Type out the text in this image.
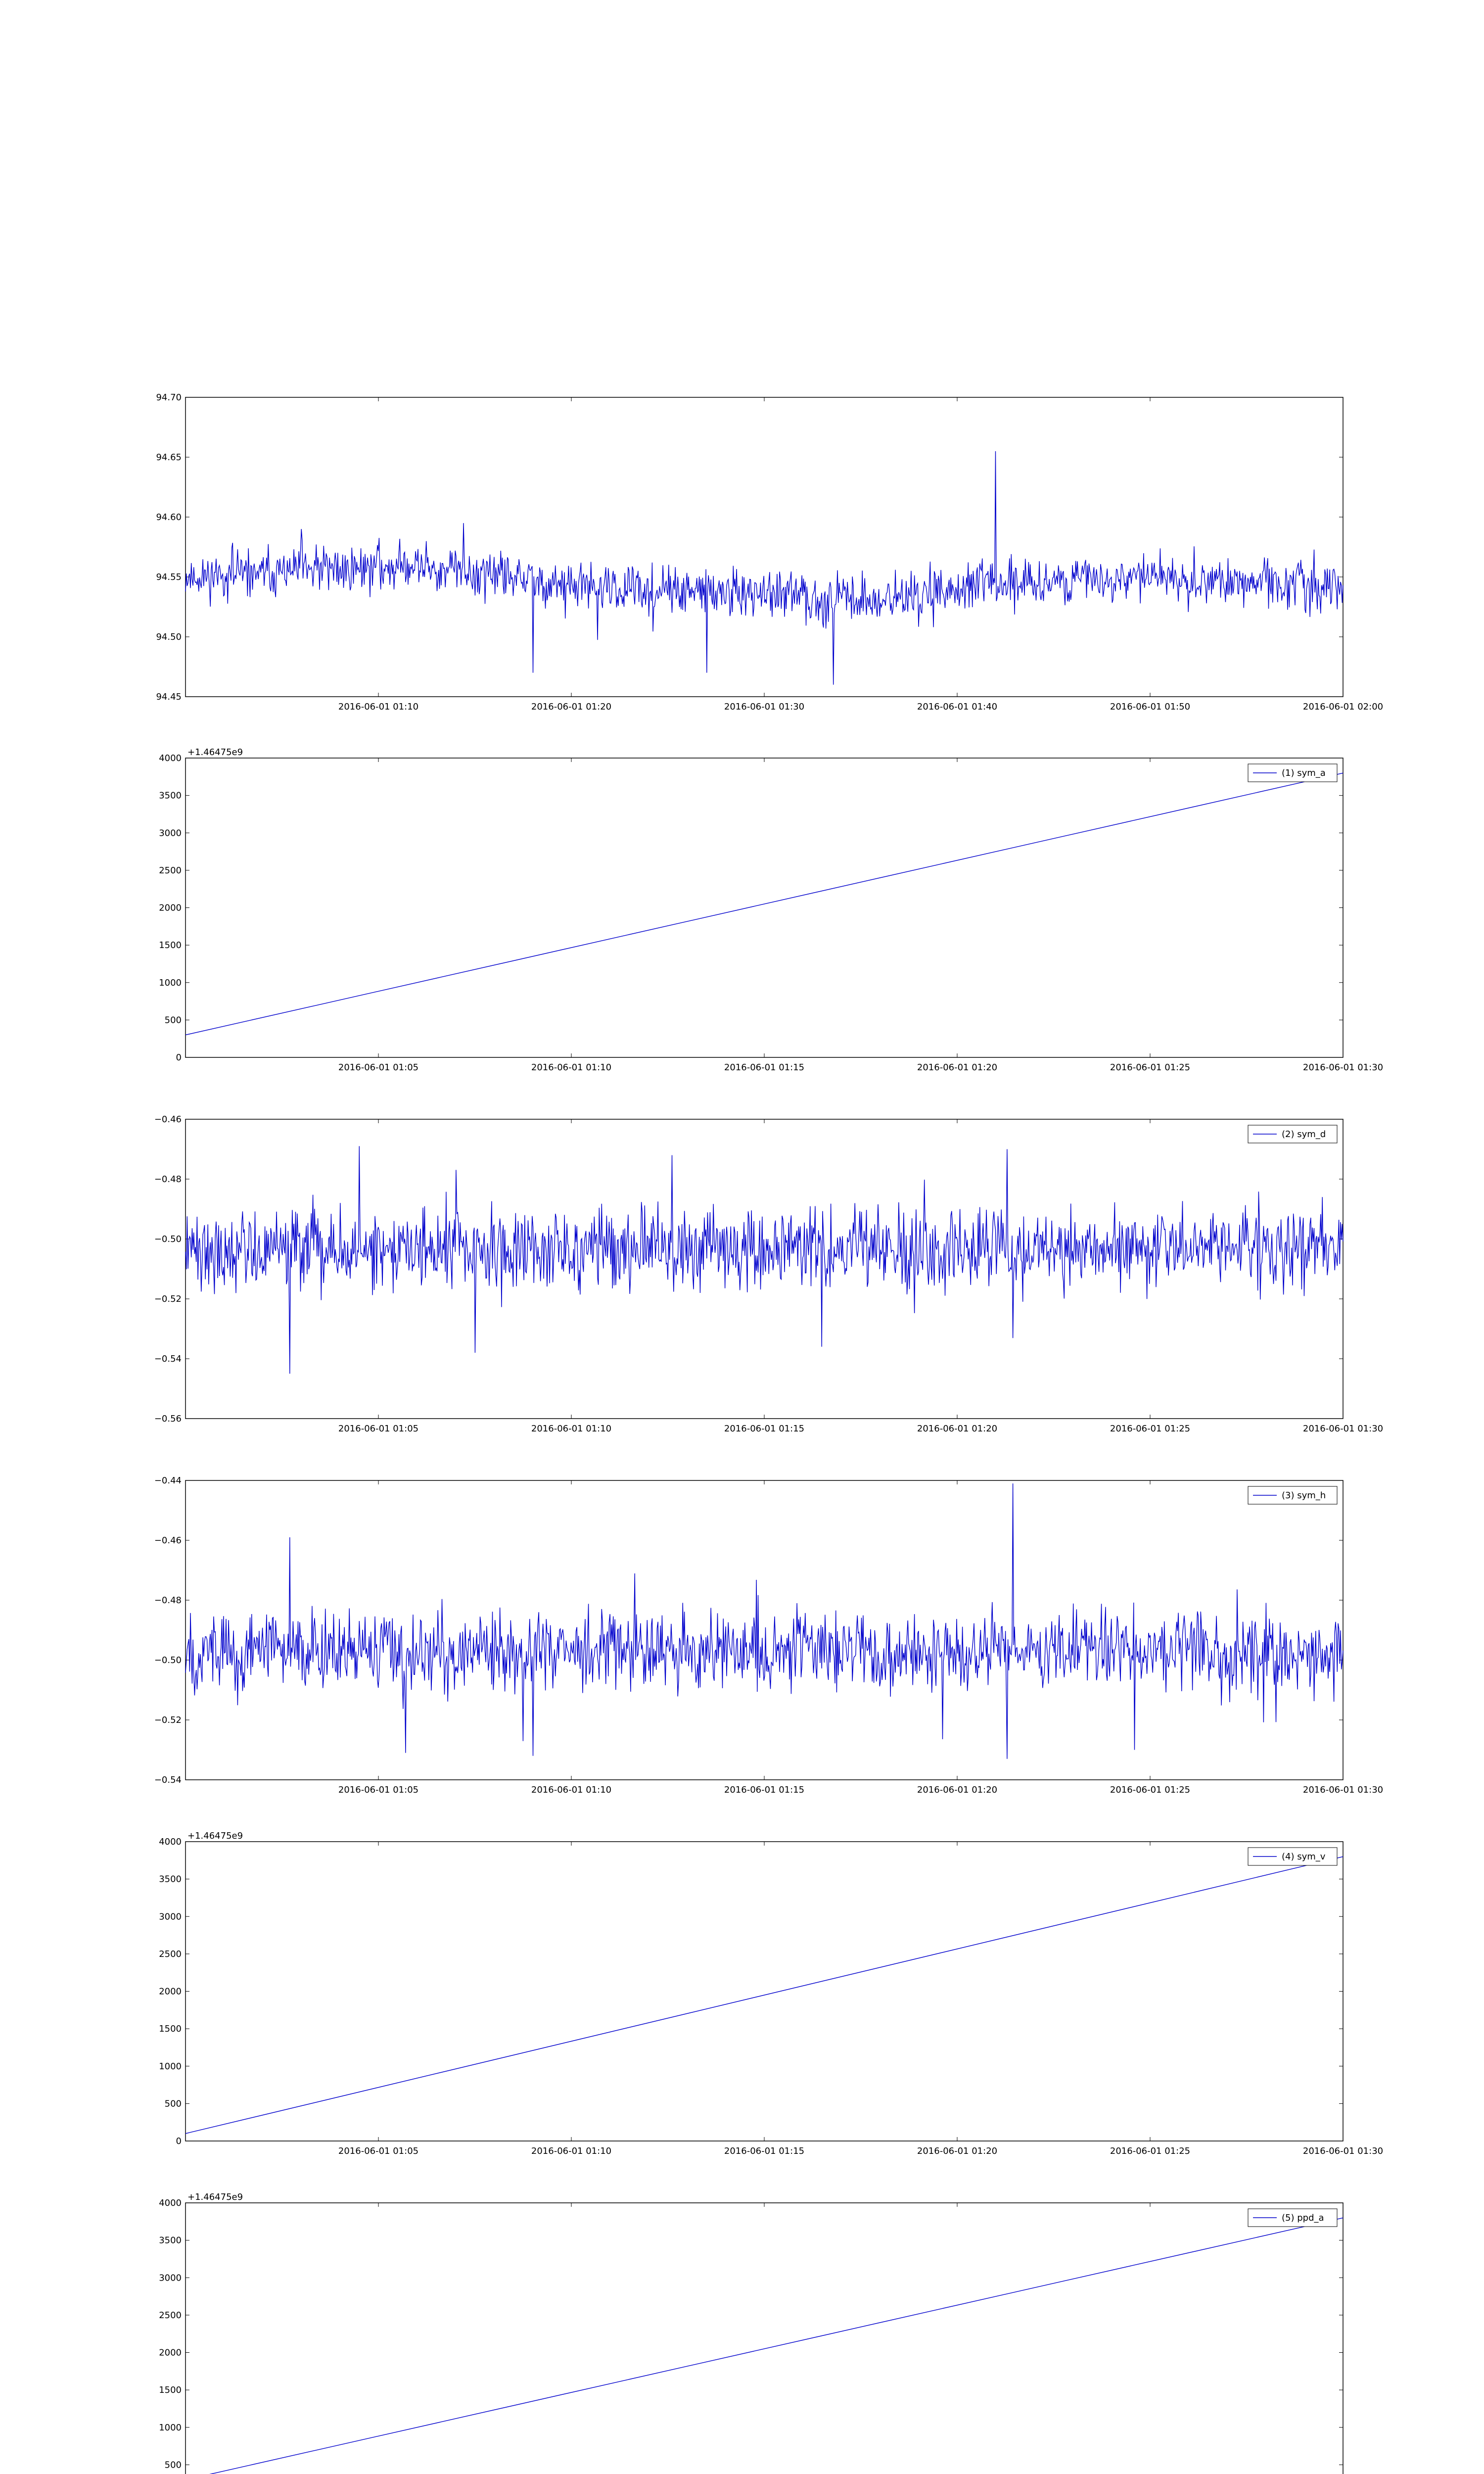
94.45
94.50
94.55
94.60
94.65
94.70
2016-06-01 01:10	2016-06-01 01:20	2016-06-01 01:30	2016-06-01 01:40	2016-06-01 01:50	2016-06-01 02:00
0
500
1000
1500
2000
2500
3000
3500
4000
2016-06-01 01:05	2016-06-01 01:10	2016-06-01 01:15	2016-06-01 01:20	2016-06-01 01:25	2016-06-01 01:30
+1.46475e9
(1) sym_a
−0.56
−0.54
−0.52
−0.50
−0.48
−0.46
2016-06-01 01:05	2016-06-01 01:10	2016-06-01 01:15	2016-06-01 01:20	2016-06-01 01:25	2016-06-01 01:30
(2) sym_d
−0.54
−0.52
−0.50
−0.48
−0.46
−0.44
2016-06-01 01:05	2016-06-01 01:10	2016-06-01 01:15	2016-06-01 01:20	2016-06-01 01:25	2016-06-01 01:30
(3) sym_h
0
500
1000
1500
2000
2500
3000
3500
4000
2016-06-01 01:05	2016-06-01 01:10	2016-06-01 01:15	2016-06-01 01:20	2016-06-01 01:25	2016-06-01 01:30
+1.46475e9
(4) sym_v
500
1000
1500
2000
2500
3000
3500
4000
+1.46475e9
(5) ppd_a
